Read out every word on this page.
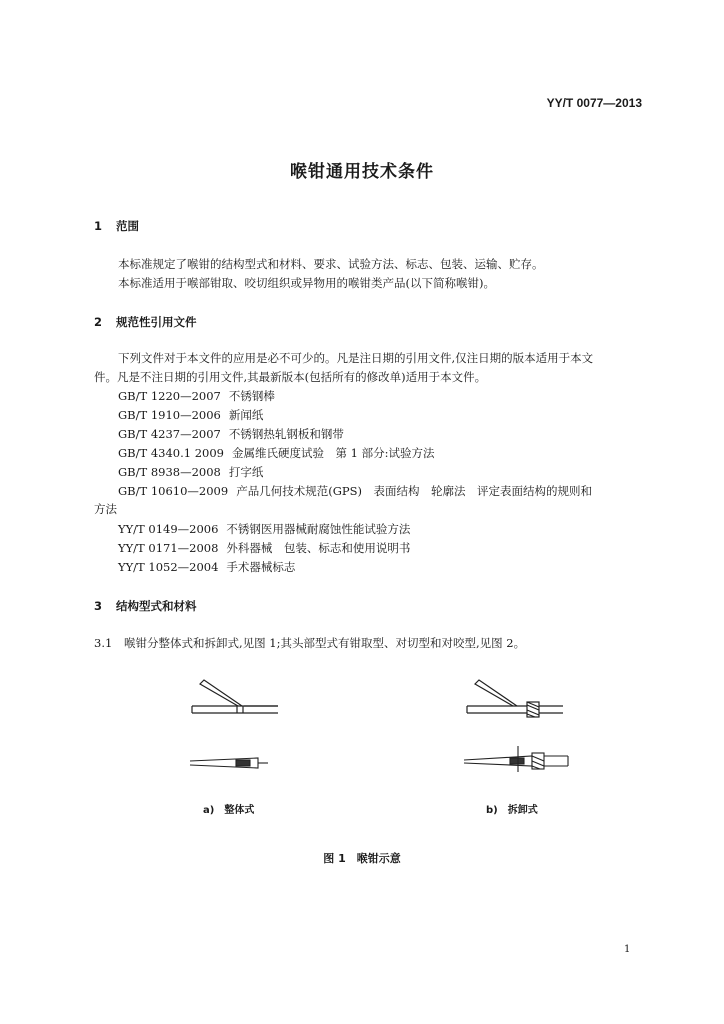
YY/T 0077—2013
喉钳通用技术条件
1 范围
本标准规定了喉钳的结构型式和材料、要求、试验方法、标志、包装、运输、贮存。
本标准适用于喉部钳取、咬切组织或异物用的喉钳类产品(以下简称喉钳)。
2 规范性引用文件
下列文件对于本文件的应用是必不可少的。凡是注日期的引用文件,仅注日期的版本适用于本文
件。凡是不注日期的引用文件,其最新版本(包括所有的修改单)适用于本文件。
GB/T 1220—2007 不锈钢棒
GB/T 1910—2006 新闻纸
GB/T 4237—2007 不锈钢热轧钢板和钢带
GB/T 4340.1 2009 金属维氏硬度试验　第 1 部分:试验方法
GB/T 8938—2008 打字纸
GB/T 10610—2009 产品几何技术规范(GPS)　表面结构　轮廓法　评定表面结构的规则和
方法
YY/T 0149—2006 不锈钢医用器械耐腐蚀性能试验方法
YY/T 0171—2008 外科器械　包装、标志和使用说明书
YY/T 1052—2004 手术器械标志
3 结构型式和材料
3.1 喉钳分整体式和拆卸式,见图 1;其头部型式有钳取型、对切型和对咬型,见图 2。
a)　整体式	b)　拆卸式
图 1　喉钳示意
1
